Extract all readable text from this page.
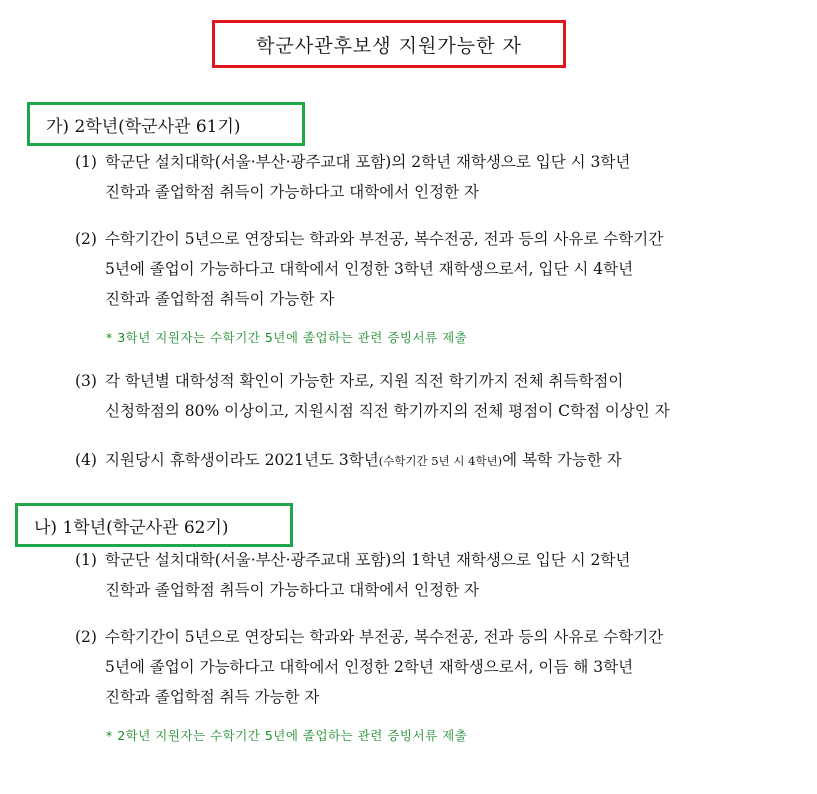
학군사관후보생 지원가능한 자
가) 2학년(학군사관 61기)
(1) 학군단 설치대학(서울·부산·광주교대 포함)의 2학년 재학생으로 입단 시 3학년
진학과 졸업학점 취득이 가능하다고 대학에서 인정한 자
(2) 수학기간이 5년으로 연장되는 학과와 부전공, 복수전공, 전과 등의 사유로 수학기간
5년에 졸업이 가능하다고 대학에서 인정한 3학년 재학생으로서, 입단 시 4학년
진학과 졸업학점 취득이 가능한 자
* 3학년 지원자는 수학기간 5년에 졸업하는 관련 증빙서류 제출
(3) 각 학년별 대학성적 확인이 가능한 자로, 지원 직전 학기까지 전체 취득학점이
신청학점의 80% 이상이고, 지원시점 직전 학기까지의 전체 평점이 C학점 이상인 자
(4) 지원당시 휴학생이라도 2021년도 3학년(수학기간 5년 시 4학년)에 복학 가능한 자
나) 1학년(학군사관 62기)
(1) 학군단 설치대학(서울·부산·광주교대 포함)의 1학년 재학생으로 입단 시 2학년
진학과 졸업학점 취득이 가능하다고 대학에서 인정한 자
(2) 수학기간이 5년으로 연장되는 학과와 부전공, 복수전공, 전과 등의 사유로 수학기간
5년에 졸업이 가능하다고 대학에서 인정한 2학년 재학생으로서, 이듬 해 3학년
진학과 졸업학점 취득 가능한 자
* 2학년 지원자는 수학기간 5년에 졸업하는 관련 증빙서류 제출
